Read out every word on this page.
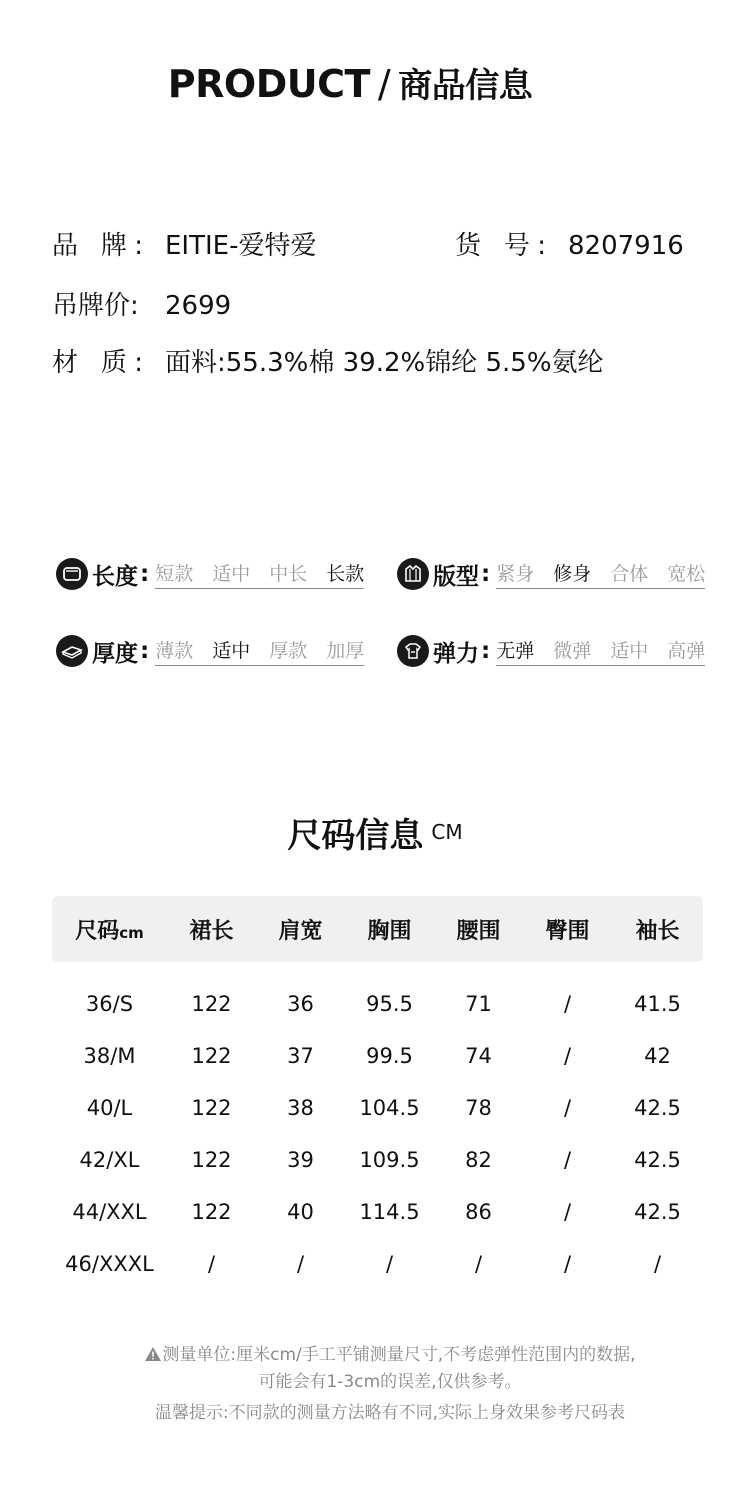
PRODUCT / 商品信息
品 牌: EITIE-爱特爱	货 号: 8207916
吊牌价: 2699
材 质: 面料:55.3%棉 39.2%锦纶 5.5%氨纶
长度 : 短款 适中 中长 长款	版型 : 紧身 修身 合体 宽松
厚度 : 薄款 适中 厚款 加厚	弹力 : 无弹 微弹 适中 高弹
尺码信息 $^{CM}$
尺码cm	裙长	肩宽	胸围	腰围	臀围	袖长
36/S	122	36	95.5	71	/	41.5
38/M	122	37	99.5	74	/	42
40/L	122	38	104.5	78	/	42.5
42/XL	122	39	109.5	82	/	42.5
44/XXL	122	40	114.5	86	/	42.5
46/XXXL	/	/	/	/	/	/
测量单位:厘米cm/手工平铺测量尺寸,不考虑弹性范围内的数据,
可能会有1-3cm的误差,仅供参考。
温馨提示:不同款的测量方法略有不同,实际上身效果参考尺码表
